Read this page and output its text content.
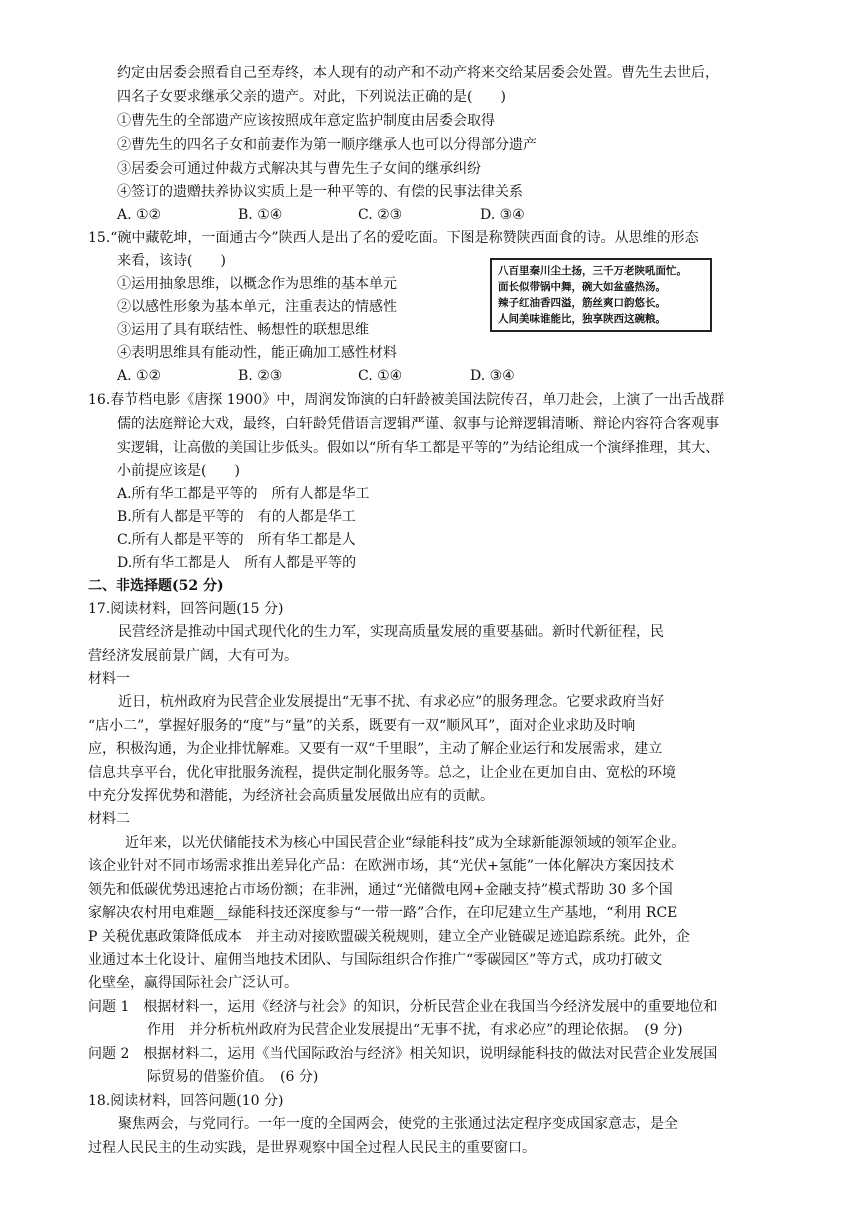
约定由居委会照看自己至寿终，本人现有的动产和不动产将来交给某居委会处置。曹先生去世后，
四名子女要求继承父亲的遗产。对此，下列说法正确的是(　　)
①曹先生的全部遗产应该按照成年意定监护制度由居委会取得
②曹先生的四名子女和前妻作为第一顺序继承人也可以分得部分遗产
③居委会可通过仲裁方式解决其与曹先生子女间的继承纠纷
④签订的遗赠扶养协议实质上是一种平等的、有偿的民事法律关系
A. ①②	B. ①④	C. ②③	D. ③④
15.“碗中藏乾坤，一面通古今”陕西人是出了名的爱吃面。下图是称赞陕西面食的诗。从思维的形态
来看，该诗(　　)
①运用抽象思维，以概念作为思维的基本单元
②以感性形象为基本单元，注重表达的情感性
③运用了具有联结性、畅想性的联想思维
④表明思维具有能动性，能正确加工感性材料
A. ①②	B. ②③	C. ①④	D. ③④
八百里秦川尘土扬，三千万老陕吼面忙。
面长似带锅中舞，碗大如盆盛热汤。
辣子红油香四溢，筋丝爽口韵悠长。
人间美味谁能比，独享陕西这碗粮。
16.春节档电影《唐探 1900》中，周润发饰演的白轩龄被美国法院传召，单刀赴会，上演了一出舌战群
儒的法庭辩论大戏，最终，白轩龄凭借语言逻辑严谨、叙事与论辩逻辑清晰、辩论内容符合客观事
实逻辑，让高傲的美国让步低头。假如以“所有华工都是平等的”为结论组成一个演绎推理，其大、
小前提应该是(　　)
A.所有华工都是平等的　所有人都是华工
B.所有人都是平等的　有的人都是华工
C.所有人都是平等的　所有华工都是人
D.所有华工都是人　所有人都是平等的
二、非选择题(52 分)
17.阅读材料，回答问题(15 分)
民营经济是推动中国式现代化的生力军，实现高质量发展的重要基础。新时代新征程，民
营经济发展前景广阔，大有可为。
材料一
近日，杭州政府为民营企业发展提出“无事不扰、有求必应”的服务理念。它要求政府当好
“店小二”，掌握好服务的“度”与“量”的关系，既要有一双“顺风耳”，面对企业求助及时响
应，积极沟通，为企业排忧解难。又要有一双“千里眼”，主动了解企业运行和发展需求，建立
信息共享平台，优化审批服务流程，提供定制化服务等。总之，让企业在更加自由、宽松的环境
中充分发挥优势和潜能，为经济社会高质量发展做出应有的贡献。
材料二
近年来，以光伏储能技术为核心中国民营企业“绿能科技”成为全球新能源领域的领军企业。
该企业针对不同市场需求推出差异化产品：在欧洲市场，其“光伏+氢能”一体化解决方案因技术
领先和低碳优势迅速抢占市场份额；在非洲，通过“光储微电网+金融支持”模式帮助 30 多个国
家解决农村用电难题__绿能科技还深度参与“一带一路”合作，在印尼建立生产基地，“利用 RCE
P 关税优惠政策降低成本　并主动对接欧盟碳关税规则，建立全产业链碳足迹追踪系统。此外，企
业通过本土化设计、雇佣当地技术团队、与国际组织合作推广“零碳园区”等方式，成功打破文
化壁垒，赢得国际社会广泛认可。
问题 1　根据材料一，运用《经济与社会》的知识，分析民营企业在我国当今经济发展中的重要地位和
作用　并分析杭州政府为民营企业发展提出“无事不扰，有求必应”的理论依据。　(9 分)
问题 2　根据材料二，运用《当代国际政治与经济》相关知识，说明绿能科技的做法对民营企业发展国
际贸易的借鉴价值。　(6 分)
18.阅读材料，回答问题(10 分)
聚焦两会，与党同行。一年一度的全国两会，使党的主张通过法定程序变成国家意志，是全
过程人民民主的生动实践，是世界观察中国全过程人民民主的重要窗口。
